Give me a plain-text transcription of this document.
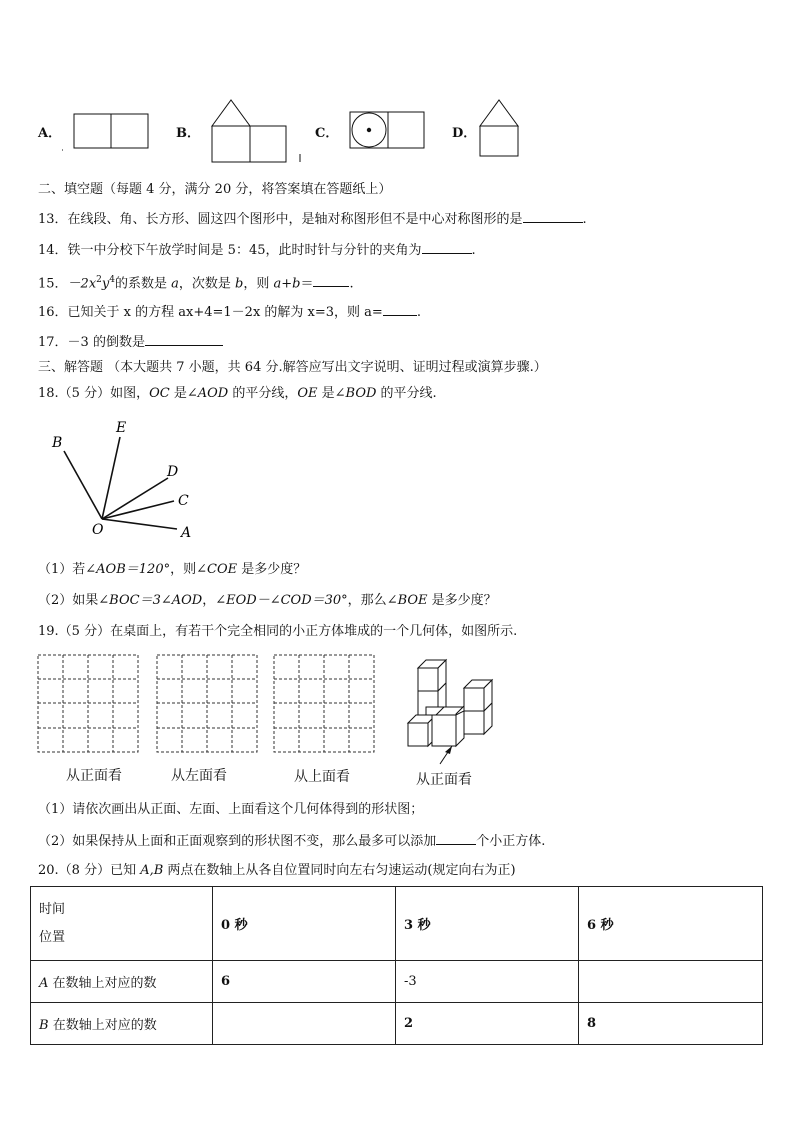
A．	B．	C．	D．
二、填空题（每题 4 分，满分 20 分，将答案填在答题纸上）
13．在线段、角、长方形、圆这四个图形中，是轴对称图形但不是中心对称图形的是	.
14．铁一中分校下午放学时间是 5：45，此时时针与分针的夹角为	.
15．$-2x^2y^4$的系数是 a，次数是 b，则 a+b＝	.
16．已知关于 x 的方程 ax+4=1－2x 的解为 x=3，则 a=	.
17．－3 的倒数是
三、解答题 （本大题共 7 小题，共 64 分.解答应写出文字说明、证明过程或演算步骤.）
18.（5 分）如图，OC 是∠AOD 的平分线，OE 是∠BOD 的平分线.
B
E
D
C
O	A
（1）若∠AOB＝120°，则∠COE 是多少度？
（2）如果∠BOC＝3∠AOD，∠EOD－∠COD＝30°，那么∠BOE 是多少度？
19.（5 分）在桌面上，有若干个完全相同的小正方体堆成的一个几何体，如图所示.
从正面看	从左面看	从上面看	从正面看
（1）请依次画出从正面、左面、上面看这个几何体得到的形状图；
（2）如果保持从上面和正面观察到的形状图不变，那么最多可以添加	个小正方体.
20.（8 分）已知 A,B 两点在数轴上从各自位置同时向左右匀速运动(规定向右为正)
时间
位置	0 秒	3 秒	6 秒
A 在数轴上对应的数	6	-3	
B 在数轴上对应的数		2	8
